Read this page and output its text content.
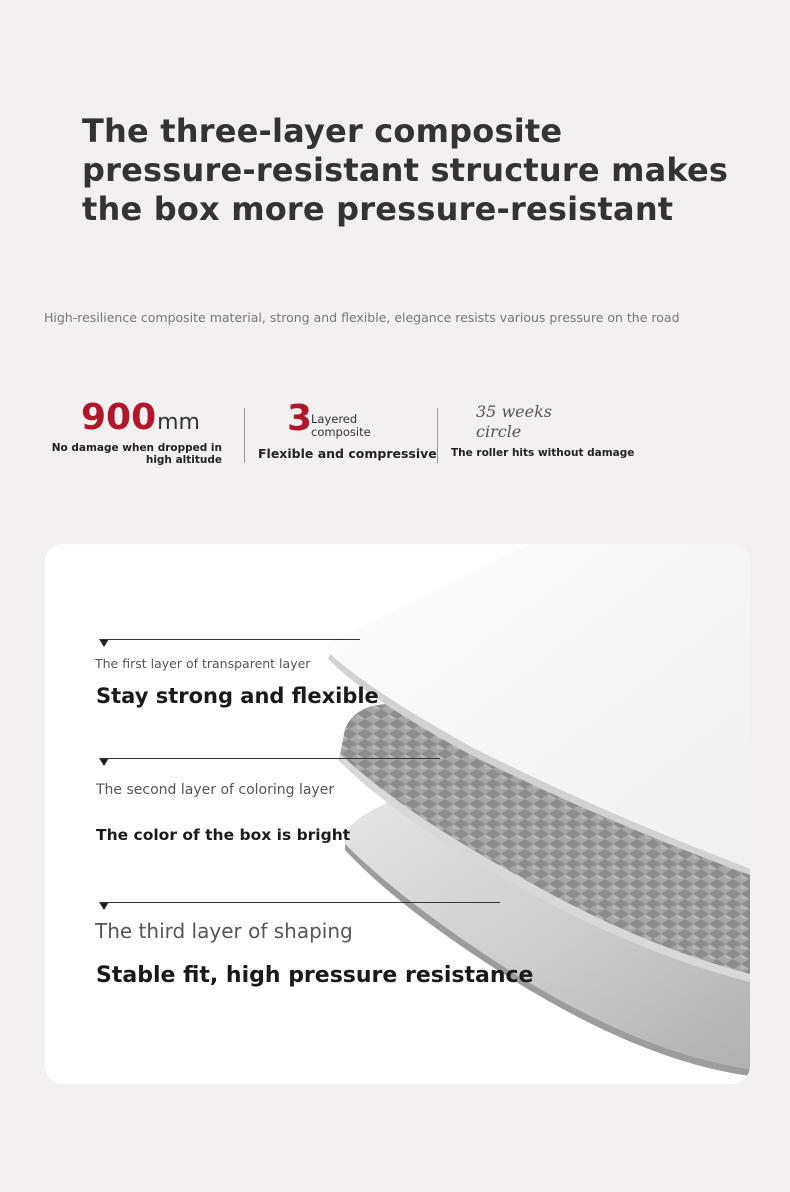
The three-layer composite pressure-resistant structure makes the box more pressure-resistant

High-resilience composite material, strong and flexible, elegance resists various pressure on the road

900mm
No damage when dropped in high altitude
3
Layered composite
Flexible and compressive
35 weeks circle
The roller hits without damage
The first layer of transparent layer
Stay strong and flexible
The second layer of coloring layer
The color of the box is bright
The third layer of shaping
Stable fit, high pressure resistance
